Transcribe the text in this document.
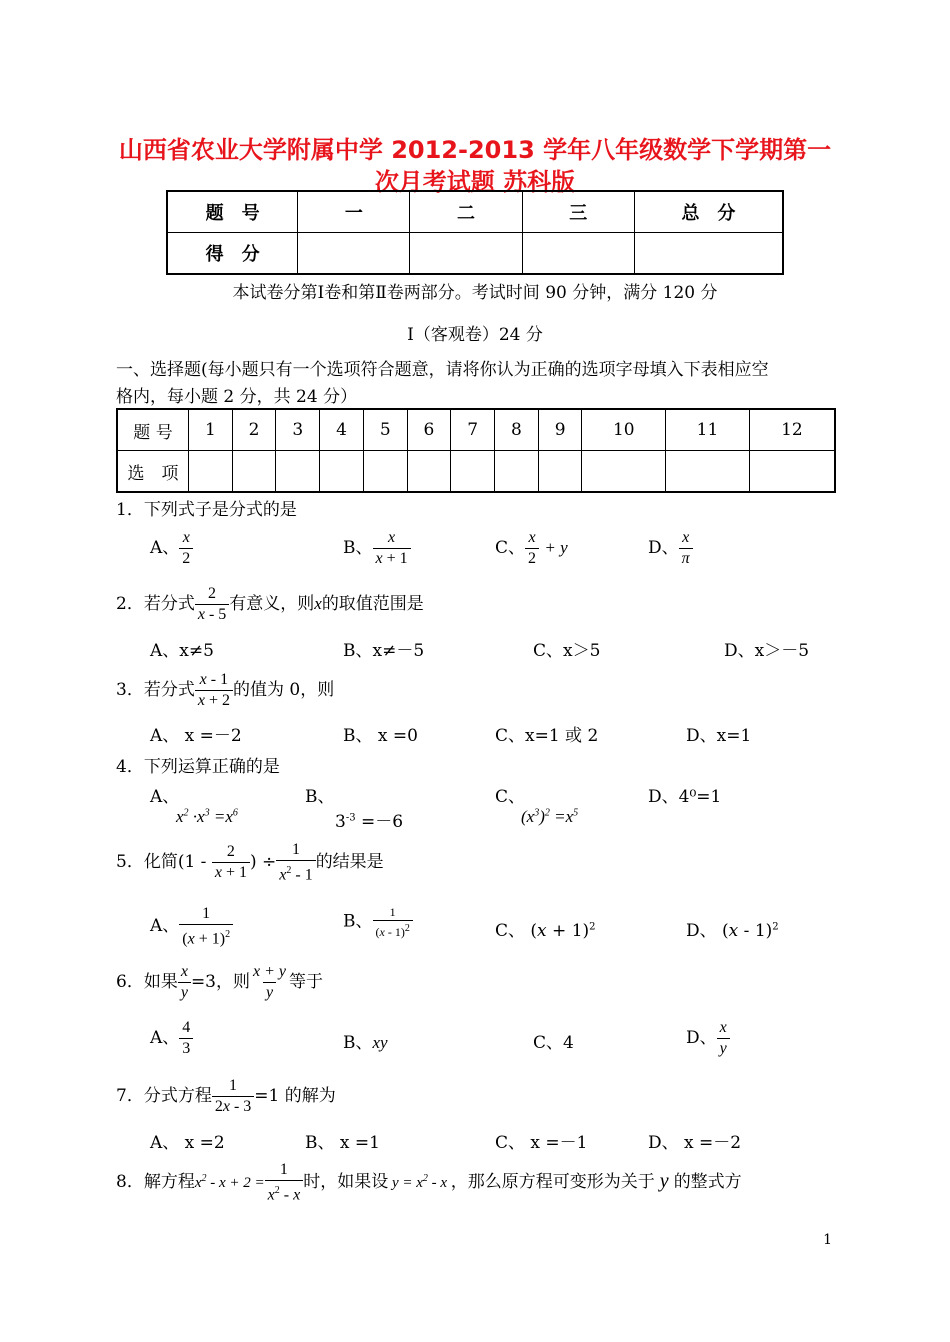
山西省农业大学附属中学 2012-2013 学年八年级数学下学期第一
次月考试题 苏科版
题　号	一	二	三	总　分
得　分				
本试卷分第Ⅰ卷和第Ⅱ卷两部分。考试时间 90 分钟，满分 120 分
Ⅰ（客观卷）24 分
一、选择题(每小题只有一个选项符合题意，请将你认为正确的选项字母填入下表相应空
格内，每小题 2 分，共 24 分）
题 号	1	2	3	4	5	6	7	8	9	10	11	12
选　项												
1．下列式子是分式的是
A、 $\frac{x}{2}$	B、 $\frac{x}{x + 1}$	C、 $\frac{x}{2} + y$	D、 $\frac{x}{\pi}$
2．若分式 $\frac{2}{x - 5}$ 有意义，则x的取值范围是
A、x≠5	B、x≠－5	C、x＞5	D、x＞－5
3．若分式 $\frac{x - 1}{x + 2}$ 的值为 0，则
A、 x =－2	B、 x =0	C、x=1 或 2	D、x=1
4．下列运算正确的是
A、
$x^2 \cdot x^3 =x^6$
B、
$3^{-3} =-6$
C、
$(x^3)^2 =x^5$
D、4⁰=1
5．化简($1 - \frac{2}{x + 1}$ ) ÷ $\frac{1}{x^2 - 1}$ 的结果是
A、 $\frac{1}{(x + 1)^2}$	B、 $\frac{1}{(x - 1)^2}$	C、 $(x + 1)^2$	D、 (x - 1)$^2$
6．如果 $\frac{x}{y} =3$，则 $\frac{x + y}{y}$ 等于
A、 $\frac{4}{3}$	B、xy	C、4	D、 $\frac{x}{y}$
7．分式方程 $\frac{1}{2x - 3} =1$ 的解为
A、 x =2	B、 x =1	C、 x =－1	D、 x =－2
8．解方程$x^2 - x + 2 = \frac{1}{x^2 - x}$ 时，如果设 $y = x^2 - x$ ，那么原方程可变形为关于 y 的整式方
1
